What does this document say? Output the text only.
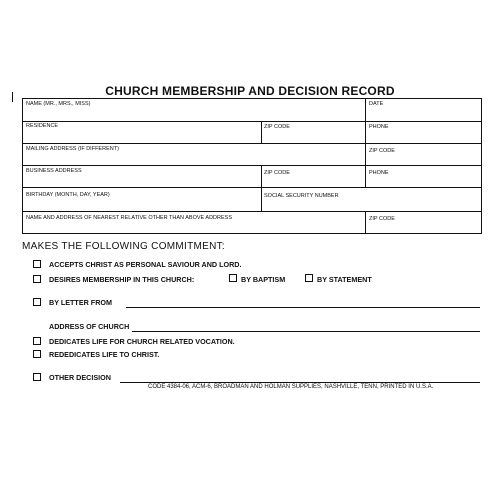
CHURCH MEMBERSHIP AND DECISION RECORD
NAME (MR., MRS., MISS)	DATE
RESIDENCE	ZIP CODE	PHONE
MAILING ADDRESS (IF DIFFERENT)	ZIP CODE
BUSINESS ADDRESS	ZIP CODE	PHONE
BIRTHDAY (MONTH, DAY, YEAR)	SOCIAL SECURITY NUMBER
NAME AND ADDRESS OF NEAREST RELATIVE OTHER THAN ABOVE ADDRESS	ZIP CODE
MAKES THE FOLLOWING COMMITMENT:
ACCEPTS CHRIST AS PERSONAL SAVIOUR AND LORD.
DESIRES MEMBERSHIP IN THIS CHURCH:	BY BAPTISM	BY STATEMENT
BY LETTER FROM
ADDRESS OF CHURCH
DEDICATES LIFE FOR CHURCH RELATED VOCATION.
REDEDICATES LIFE TO CHRIST.
OTHER DECISION
CODE 4384-06, ACM-6, BROADMAN AND HOLMAN SUPPLIES, NASHVILLE, TENN, PRINTED IN U.S.A.
